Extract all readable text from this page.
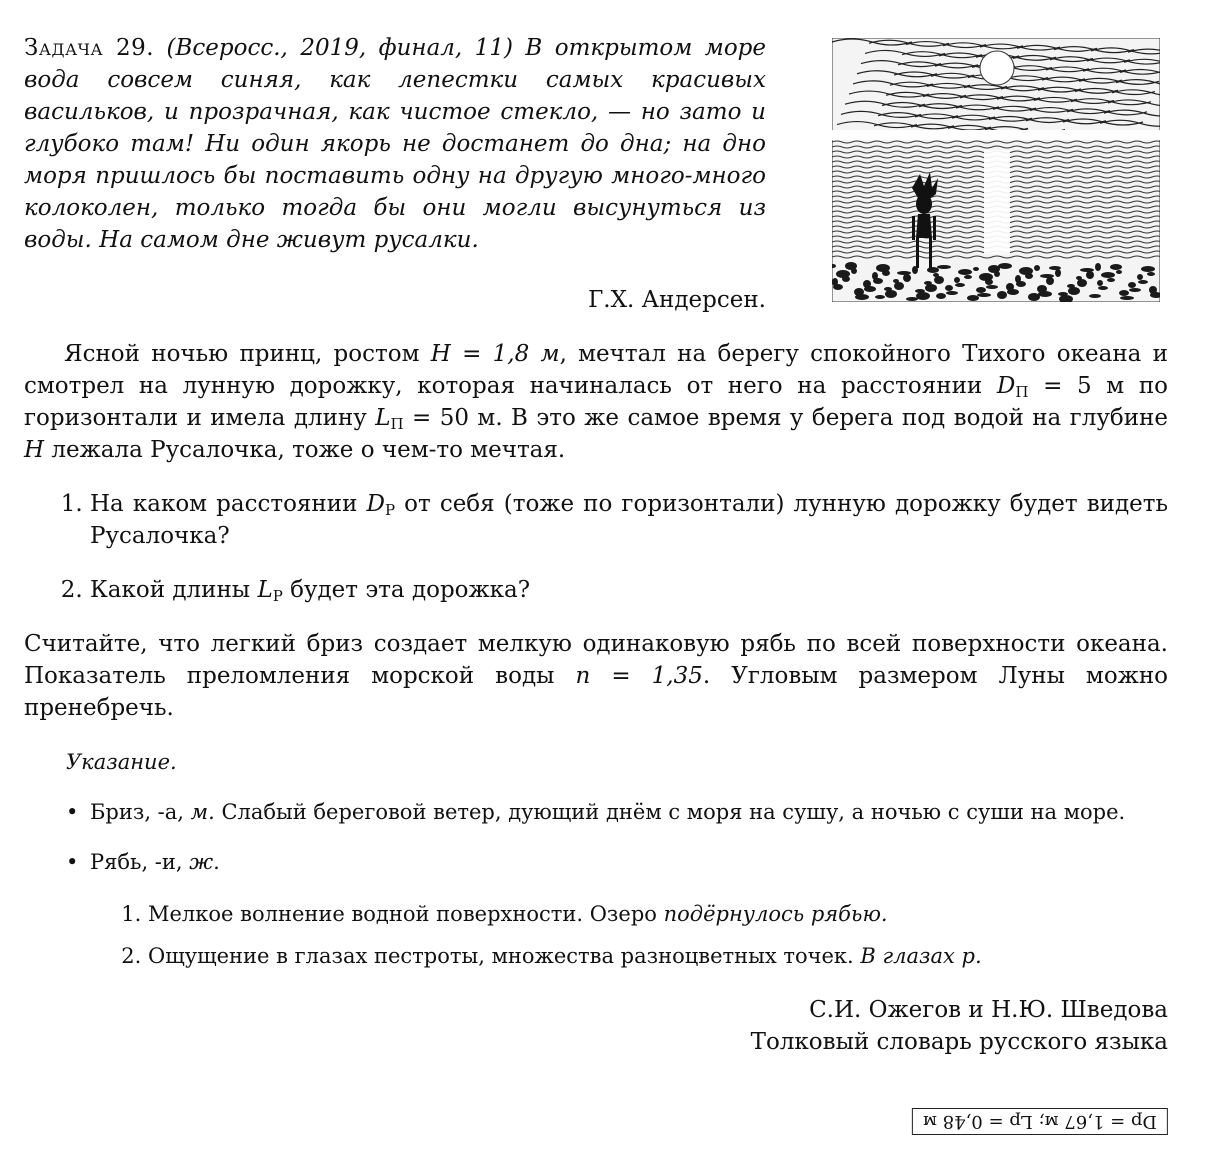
Задача 29. (Всеросс., 2019, финал, 11) В открытом море вода совсем синяя, как лепестки самых красивых васильков, и прозрачная, как чистое стекло, — но зато и глубоко там! Ни один якорь не достанет до дна; на дно моря пришлось бы поставить одну на другую много-много колоколен, только тогда бы они могли высунуться из воды. На самом дне живут русалки.
Г.Х. Андерсен.
Ясной ночью принц, ростом H = 1,8 м, мечтал на берегу спокойного Тихого океана и смотрел на лунную дорожку, которая начиналась от него на расстоянии $D_П = 5$ м по горизонтали и имела длину $L_П = 50$ м. В это же самое время у берега под водой на глубине H лежала Русалочка, тоже о чем-то мечтая.
1. На каком расстоянии $D_Р$ от себя (тоже по горизонтали) лунную дорожку будет видеть Русалочка?
2. Какой длины $L_Р$ будет эта дорожка?
Считайте, что легкий бриз создает мелкую одинаковую рябь по всей поверхности океана. Показатель преломления морской воды n = 1,35. Угловым размером Луны можно пренебречь.
Указание.
• Бриз, -а, м. Слабый береговой ветер, дующий днём с моря на сушу, а ночью с суши на море.
• Рябь, -и, ж.
1. Мелкое волнение водной поверхности. Озеро подёрнулось рябью.
2. Ощущение в глазах пестроты, множества разноцветных точек. В глазах р.
С.И. Ожегов и Н.Ю. Шведова
Толковый словарь русского языка
Dр = 1,67 м; Lр = 0,48 м
